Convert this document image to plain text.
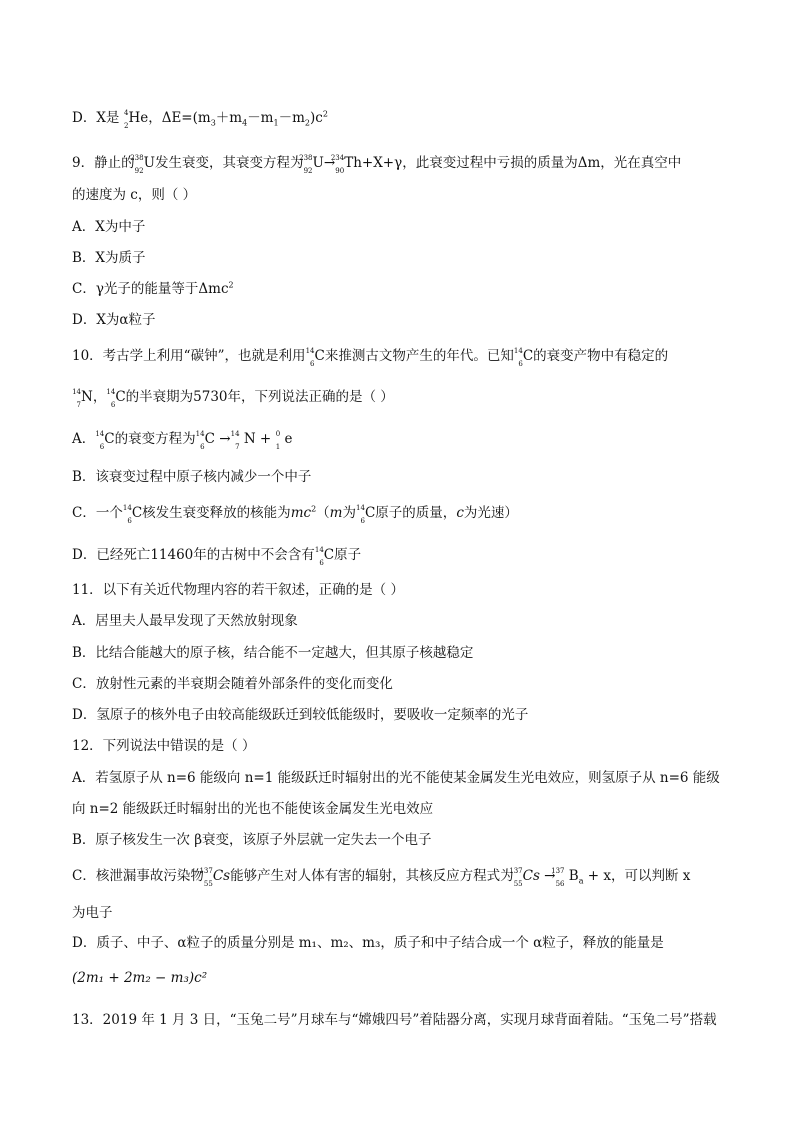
D．X是 4
2 He，$\Delta E=(m_3+m_4-m_1-m_2)c^2$
9．静止的
238
92 U发生衰变，其衰变方程为
238
92 U→
234
90 Th+X+γ，此衰变过程中亏损的质量为Δm，光在真空中
的速度为 c，则（ ）
A．X为中子
B．X为质子
C．γ光子的能量等于Δmc$^2$
D．X为α粒子
10．考古学上利用“碳钟”，也就是利用 14
6 C来推测古文物产生的年代。已知 14
6 C的衰变产物中有稳定的
14
7 N， 14
6 C的半衰期为5730年，下列说法正确的是（ ）
A． 14
6 C的衰变方程为 14
6 C → 14
7 N + 0
1 e
B．该衰变过程中原子核内减少一个中子
C．一个 14
6 C核发生衰变释放的核能为$mc^2(m$为 14
6 C原子的质量，c为光速）
D．已经死亡11460年的古树中不会含有 14
6 C原子
11．以下有关近代物理内容的若干叙述，正确的是（ ）
A．居里夫人最早发现了天然放射现象
B．比结合能越大的原子核，结合能不一定越大，但其原子核越稳定
C．放射性元素的半衰期会随着外部条件的变化而变化
D．氢原子的核外电子由较高能级跃迁到较低能级时，要吸收一定频率的光子
12．下列说法中错误的是（ ）
A．若氢原子从 n=6 能级向 n=1 能级跃迁时辐射出的光不能使某金属发生光电效应，则氢原子从 n=6 能级
向 n=2 能级跃迁时辐射出的光也不能使该金属发生光电效应
B．原子核发生一次 β衰变，该原子外层就一定失去一个电子
C．核泄漏事故污染物
137
55 Cs能够产生对人体有害的辐射，其核反应方程式为
137
55 Cs →
137
56 $B_a + x$，可以判断 x
为电子
D．质子、中子、α粒子的质量分别是 m₁、m₂、m₃，质子和中子结合成一个 α粒子，释放的能量是
(2m₁ + 2m₂ − m₃)c²
13．2019 年 1 月 3 日，“玉兔二号”月球车与“嫦娥四号”着陆器分离，实现月球背面着陆。“玉兔二号”搭载
